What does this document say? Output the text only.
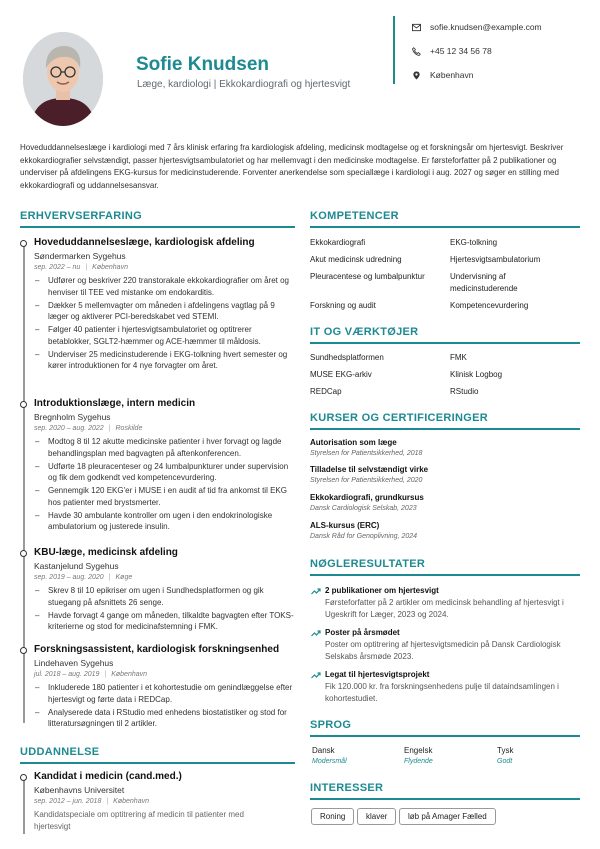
Sofie Knudsen
Læge, kardiologi | Ekkokardiografi og hjertesvigt
sofie.knudsen@example.com
+45 12 34 56 78
København
Hoveduddannelseslæge i kardiologi med 7 års klinisk erfaring fra kardiologisk afdeling, medicinsk modtagelse og et forskningsår om hjertesvigt. Beskriver ekkokardiografier selvstændigt, passer hjertesvigtsambulatoriet og har mellemvagt i den medicinske modtagelse. Er førsteforfatter på 2 publikationer og underviser på afdelingens EKG-kursus for medicinstuderende. Forventer anerkendelse som speciallæge i kardiologi i aug. 2027 og søger en stilling med ekkokardiografi og uddannelsesansvar.
ERHVERVSERFARING
Hoveduddannelseslæge, kardiologisk afdeling
Søndermarken Sygehus
sep. 2022 – nu | København
– Udfører og beskriver 220 transtorakale ekkokardiografier om året og henviser til TEE ved mistanke om endokarditis.
– Dækker 5 mellemvagter om måneden i afdelingens vagtlag på 9 læger og aktiverer PCI-beredskabet ved STEMI.
– Følger 40 patienter i hjertesvigtsambulatoriet og optitrerer betablokker, SGLT2-hæmmer og ACE-hæmmer til måldosis.
– Underviser 25 medicinstuderende i EKG-tolkning hvert semester og kører introduktionen for 4 nye forvagter om året.
Introduktionslæge, intern medicin
Bregnholm Sygehus
sep. 2020 – aug. 2022 | Roskilde
– Modtog 8 til 12 akutte medicinske patienter i hver forvagt og lagde behandlingsplan med bagvagten på aftenkonferencen.
– Udførte 18 pleuracenteser og 24 lumbalpunkturer under supervision og fik dem godkendt ved kompetencevurdering.
– Gennemgik 120 EKG'er i MUSE i en audit af tid fra ankomst til EKG hos patienter med brystsmerter.
– Havde 30 ambulante kontroller om ugen i den endokrinologiske ambulatorium og justerede insulin.
KBU-læge, medicinsk afdeling
Kastanjelund Sygehus
sep. 2019 – aug. 2020 | Køge
– Skrev 8 til 10 epikriser om ugen i Sundhedsplatformen og gik stuegang på afsnittets 26 senge.
– Havde forvagt 4 gange om måneden, tilkaldte bagvagten efter TOKS-kriterierne og stod for medicinafstemning i FMK.
Forskningsassistent, kardiologisk forskningsenhed
Lindehaven Sygehus
jul. 2018 – aug. 2019 | København
– Inkluderede 180 patienter i et kohortestudie om genindlæggelse efter hjertesvigt og førte data i REDCap.
– Analyserede data i RStudio med enhedens biostatistiker og stod for litteratursøgningen til 2 artikler.
UDDANNELSE
Kandidat i medicin (cand.med.)
Københavns Universitet
sep. 2012 – jun. 2018 | København
Kandidatspeciale om optitrering af medicin til patienter med hjertesvigt
KOMPETENCER
Ekkokardiografi	EKG-tolkning
Akut medicinsk udredning	Hjertesvigtsambulatorium
Pleuracentese og lumbalpunktur	Undervisning af medicinstuderende
Forskning og audit	Kompetencevurdering
IT OG VÆRKTØJER
Sundhedsplatformen	FMK
MUSE EKG-arkiv	Klinisk Logbog
REDCap	RStudio
KURSER OG CERTIFICERINGER
Autorisation som læge
Styrelsen for Patientsikkerhed, 2018
Tilladelse til selvstændigt virke
Styrelsen for Patientsikkerhed, 2020
Ekkokardiografi, grundkursus
Dansk Cardiologisk Selskab, 2023
ALS-kursus (ERC)
Dansk Råd for Genoplivning, 2024
NØGLERESULTATER
2 publikationer om hjertesvigt
Førsteforfatter på 2 artikler om medicinsk behandling af hjertesvigt i Ugeskrift for Læger, 2023 og 2024.
Poster på årsmødet
Poster om optitrering af hjertesvigtsmedicin på Dansk Cardiologisk Selskabs årsmøde 2023.
Legat til hjertesvigtsprojekt
Fik 120.000 kr. fra forskningsenhedens pulje til dataindsamlingen i kohortestudiet.
SPROG
Dansk
Modersmål
Engelsk
Flydende
Tysk
Godt
INTERESSER
Roning	klaver	løb på Amager Fælled
